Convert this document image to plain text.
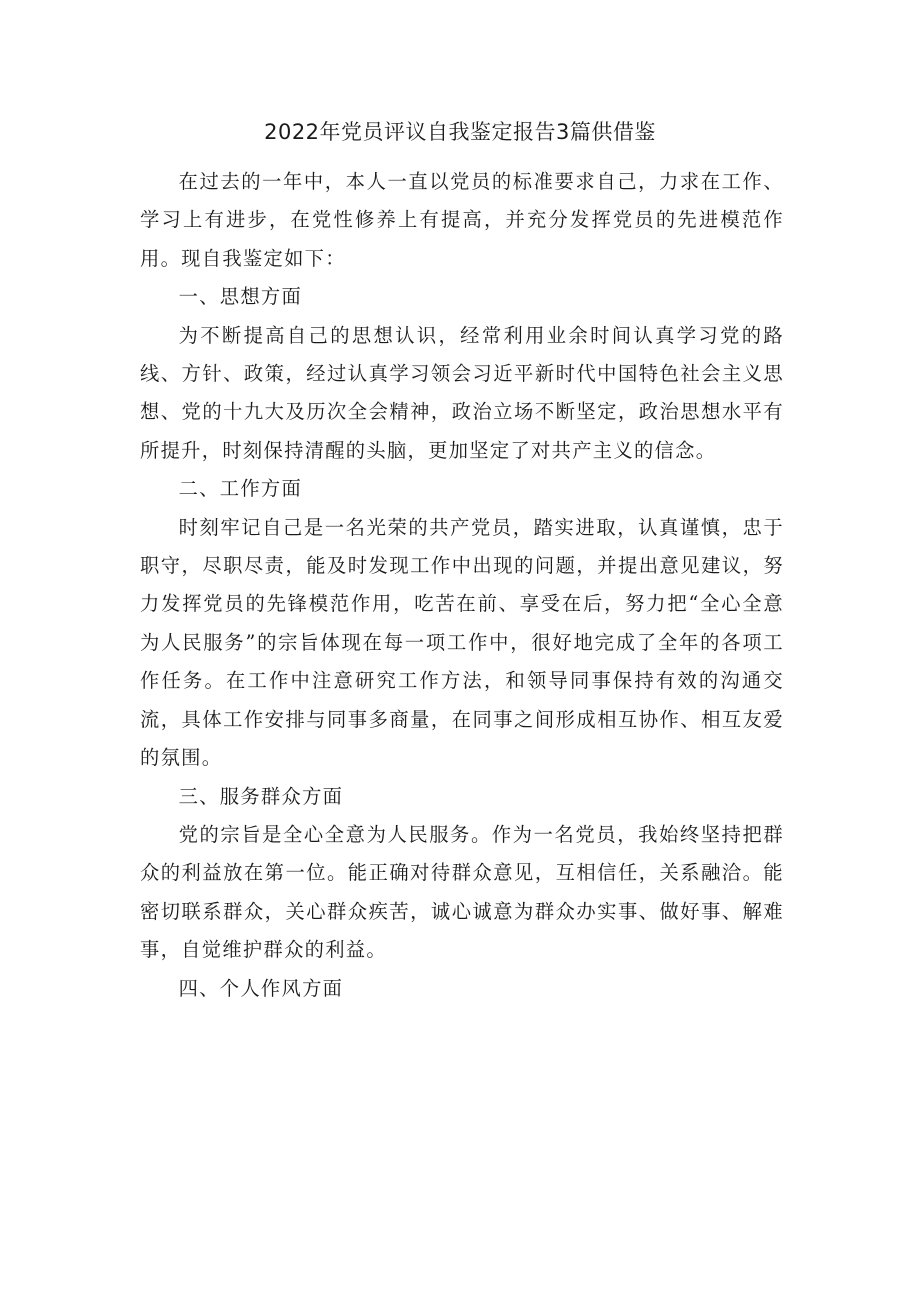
2022年党员评议自我鉴定报告3篇供借鉴

在过去的一年中，本人一直以党员的标准要求自己，力求在工作、学习上有进步，在党性修养上有提高，并充分发挥党员的先进模范作用。现自我鉴定如下：

一、思想方面

为不断提高自己的思想认识，经常利用业余时间认真学习党的路线、方针、政策，经过认真学习领会习近平新时代中国特色社会主义思想、党的十九大及历次全会精神，政治立场不断坚定，政治思想水平有所提升，时刻保持清醒的头脑，更加坚定了对共产主义的信念。

二、工作方面

时刻牢记自己是一名光荣的共产党员，踏实进取，认真谨慎，忠于职守，尽职尽责，能及时发现工作中出现的问题，并提出意见建议，努力发挥党员的先锋模范作用，吃苦在前、享受在后，努力把“全心全意为人民服务”的宗旨体现在每一项工作中，很好地完成了全年的各项工作任务。在工作中注意研究工作方法，和领导同事保持有效的沟通交流，具体工作安排与同事多商量，在同事之间形成相互协作、相互友爱的氛围。

三、服务群众方面

党的宗旨是全心全意为人民服务。作为一名党员，我始终坚持把群众的利益放在第一位。能正确对待群众意见，互相信任，关系融洽。能密切联系群众，关心群众疾苦，诚心诚意为群众办实事、做好事、解难事，自觉维护群众的利益。

四、个人作风方面
